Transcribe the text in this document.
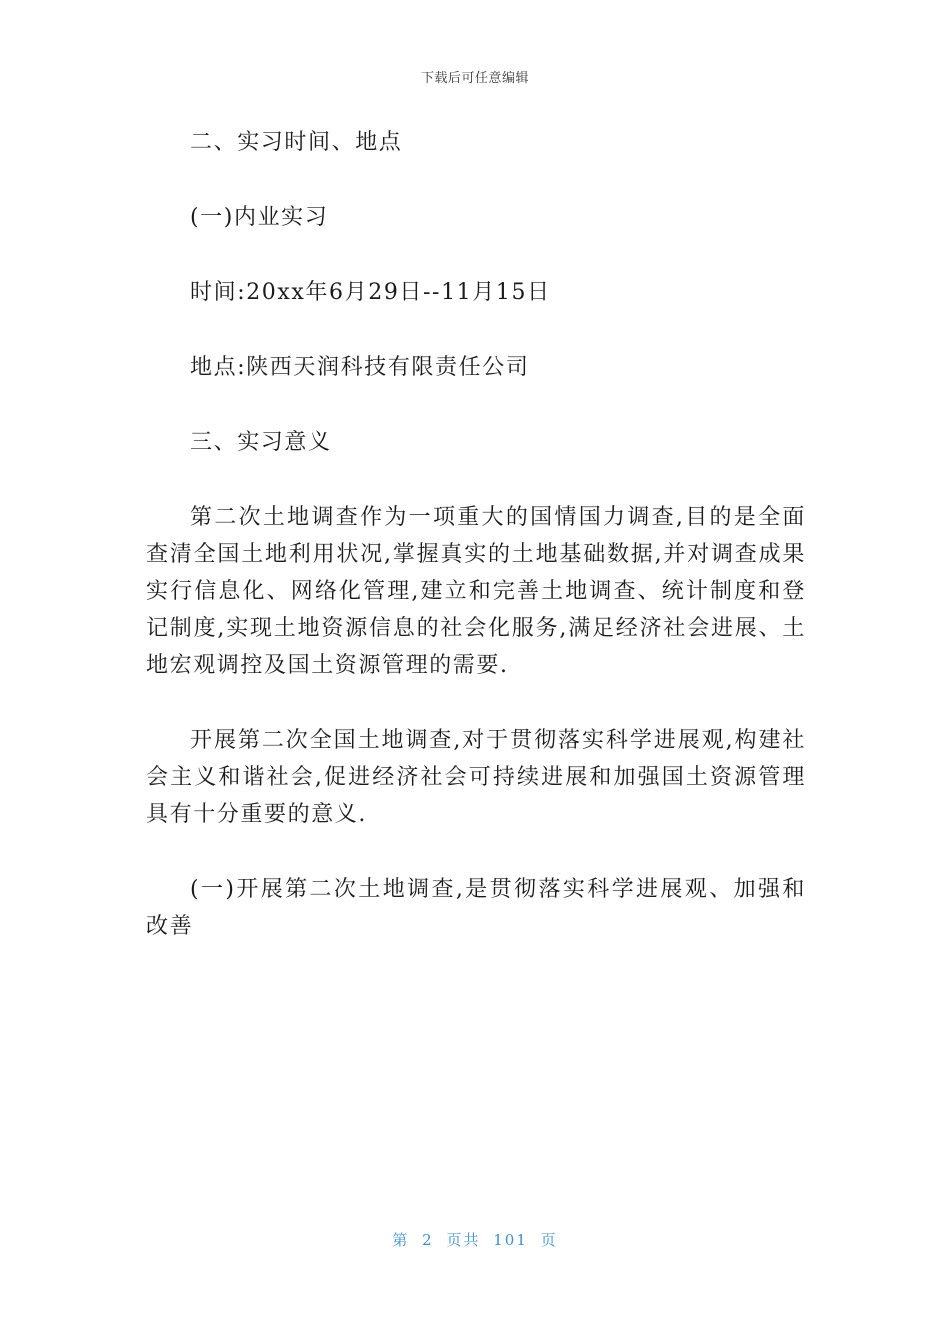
下载后可任意编辑

二、实习时间、地点

(一)内业实习

时间:20xx年6月29日--11月15日

地点:陕西天润科技有限责任公司

三、实习意义

第二次土地调查作为一项重大的国情国力调查,目的是全面查清全国土地利用状况,掌握真实的土地基础数据,并对调查成果实行信息化、网络化管理,建立和完善土地调查、统计制度和登记制度,实现土地资源信息的社会化服务,满足经济社会进展、土地宏观调控及国土资源管理的需要.

开展第二次全国土地调查,对于贯彻落实科学进展观,构建社会主义和谐社会,促进经济社会可持续进展和加强国土资源管理具有十分重要的意义.

(一)开展第二次土地调查,是贯彻落实科学进展观、加强和改善

第 2 页共 101 页
